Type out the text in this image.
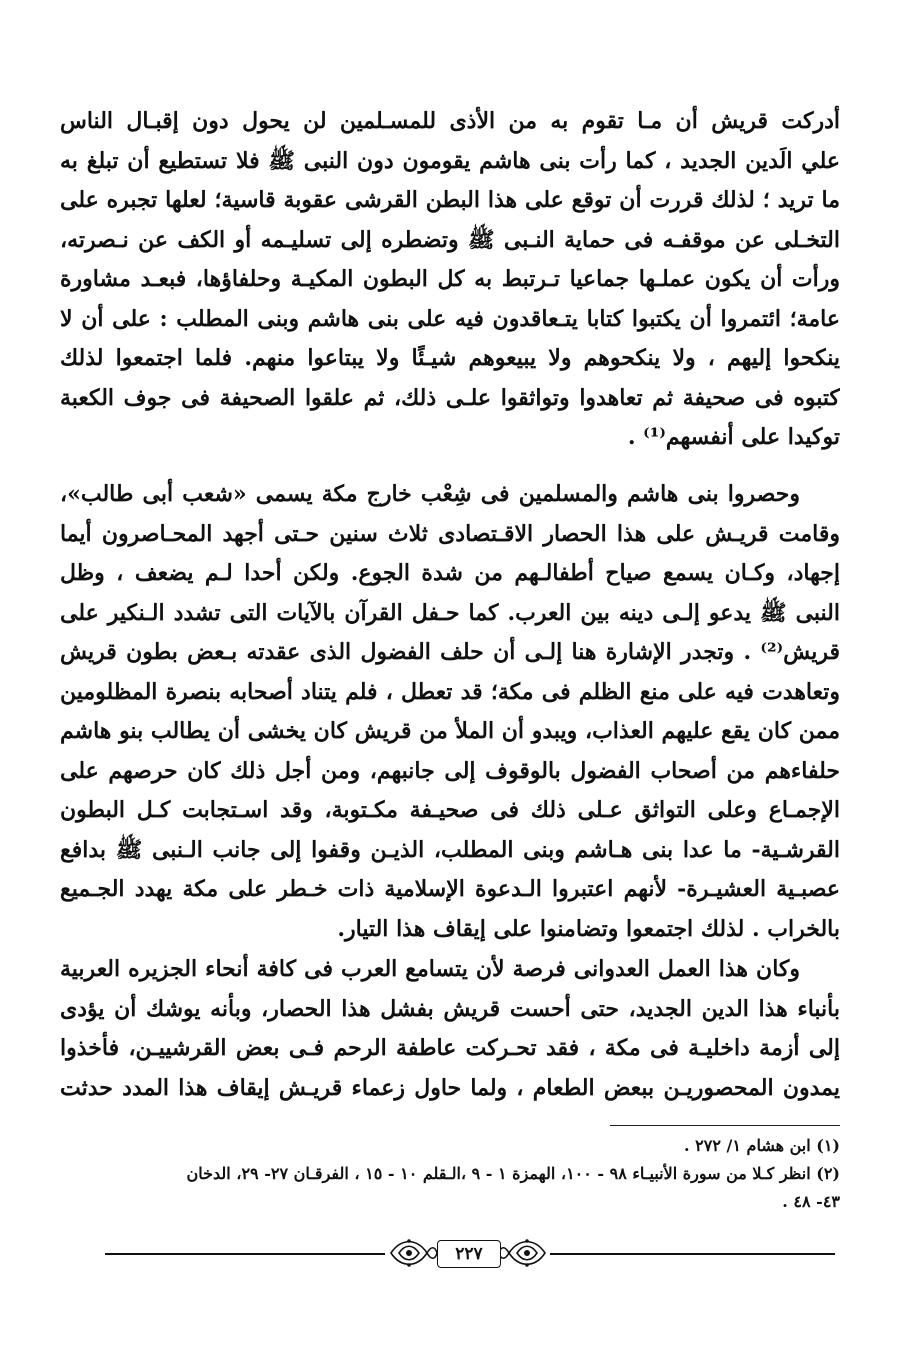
أدركت قريش أن مـا تقوم به من الأذى للمسـلمين لن يحول دون إقبـال الناس
علي الَدين الجديد ، كما رأت بنى هاشم يقومون دون النبى ﷺ فلا تستطيع أن تبلغ به
ما تريد ؛ لذلك قررت أن توقع على هذا البطن القرشى عقوبة قاسية؛ لعلها تجبره على
التخـلى عن موقفـه فى حماية النـبى ﷺ وتضطره إلى تسليـمه أو الكف عن نـصرته،
ورأت أن يكون عملـها جماعيا تـرتبط به كل البطون المكيـة وحلفاؤها، فبعـد مشاورة
عامة؛ ائتمروا أن يكتبوا كتابا يتـعاقدون فيه على بنى هاشم وبنى المطلب : على أن لا
ينكحوا إليهم ، ولا ينكحوهم ولا يبيعوهم شيـئًا ولا يبتاعوا منهم. فلما اجتمعوا لذلك
كتبوه فى صحيفة ثم تعاهدوا وتواثقوا علـى ذلك، ثم علقوا الصحيفة فى جوف الكعبة
توكيدا على أنفسهم⁽¹⁾ .
وحصروا بنى هاشم والمسلمين فى شِعْب خارج مكة يسمى «شعب أبى طالب»،
وقامت قريـش على هذا الحصار الاقـتصادى ثلاث سنين حـتى أجهد المحـاصرون أيما
إجهاد، وكـان يسمع صياح أطفالـهم من شدة الجوع. ولكن أحدا لـم يضعف ، وظل
النبى ﷺ يدعو إلـى دينه بين العرب. كما حـفل القرآن بالآيات التى تشدد الـنكير على
قريش⁽²⁾ . وتجدر الإشارة هنا إلـى أن حلف الفضول الذى عقدته بـعض بطون قريش
وتعاهدت فيه على منع الظلم فى مكة؛ قد تعطل ، فلم يتناد أصحابه بنصرة المظلومين
ممن كان يقع عليهم العذاب، ويبدو أن الملأ من قريش كان يخشى أن يطالب بنو هاشم
حلفاءهم من أصحاب الفضول بالوقوف إلى جانبهم، ومن أجل ذلك كان حرصهم على
الإجمـاع وعلى التواثق عـلى ذلك فى صحيـفة مكـتوبة، وقد اسـتجابت كـل البطون
القرشـية- ما عدا بنى هـاشم وبنى المطلب، الذيـن وقفوا إلى جانب الـنبى ﷺ بدافع
عصبـية العشيـرة- لأنهم اعتبروا الـدعوة الإسلامية ذات خـطر على مكة يهدد الجـميع
بالخراب . لذلك اجتمعوا وتضامنوا على إيقاف هذا التيار.
وكان هذا العمل العدوانى فرصة لأن يتسامع العرب فى كافة أنحاء الجزيره العربية
بأنباء هذا الدين الجديد، حتى أحست قريش بفشل هذا الحصار، وبأنه يوشك أن يؤدى
إلى أزمة داخليـة فى مكة ، فقد تحـركت عاطفة الرحم فـى بعض القرشييـن، فأخذوا
يمدون المحصوريـن ببعض الطعام ، ولما حاول زعماء قريـش إيقاف هذا المدد حدثت
(١) ابن هشام ١/ ٢٧٢ .
(٢) انظر كـلا من سورة الأنبيـاء ٩٨ - ١٠٠، الهمزة ١ - ٩ ،الـقلم ١٠ - ١٥ ، الفرقـان ٢٧- ٢٩، الدخان
٤٣- ٤٨ .
٢٢٧
